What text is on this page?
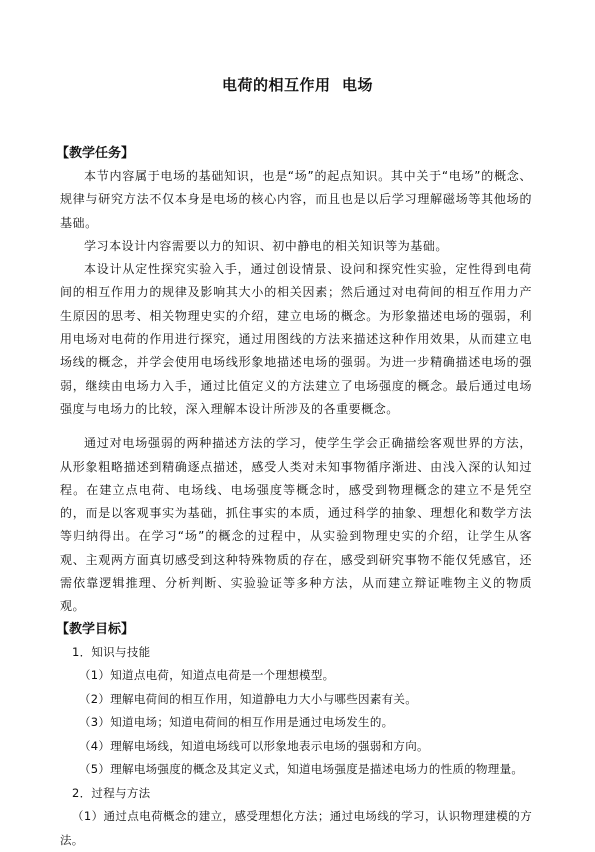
电荷的相互作用  电场
【教学任务】

本节内容属于电场的基础知识，也是“场”的起点知识。其中关于“电场”的概念、规律与研究方法不仅本身是电场的核心内容，而且也是以后学习理解磁场等其他场的基础。

学习本设计内容需要以力的知识、初中静电的相关知识等为基础。

本设计从定性探究实验入手，通过创设情景、设问和探究性实验，定性得到电荷间的相互作用力的规律及影响其大小的相关因素；然后通过对电荷间的相互作用力产生原因的思考、相关物理史实的介绍，建立电场的概念。为形象描述电场的强弱，利用电场对电荷的作用进行探究，通过用图线的方法来描述这种作用效果，从而建立电场线的概念，并学会使用电场线形象地描述电场的强弱。为进一步精确描述电场的强弱，继续由电场力入手，通过比值定义的方法建立了电场强度的概念。最后通过电场强度与电场力的比较，深入理解本设计所涉及的各重要概念。

通过对电场强弱的两种描述方法的学习，使学生学会正确描绘客观世界的方法，从形象粗略描述到精确逐点描述，感受人类对未知事物循序渐进、由浅入深的认知过程。在建立点电荷、电场线、电场强度等概念时，感受到物理概念的建立不是凭空的，而是以客观事实为基础，抓住事实的本质，通过科学的抽象、理想化和数学方法等归纳得出。在学习“场”的概念的过程中，从实验到物理史实的介绍，让学生从客观、主观两方面真切感受到这种特殊物质的存在，感受到研究事物不能仅凭感官，还需依靠逻辑推理、分析判断、实验验证等多种方法，从而建立辩证唯物主义的物质观。

【教学目标】

1．知识与技能

（1）知道点电荷，知道点电荷是一个理想模型。

（2）理解电荷间的相互作用，知道静电力大小与哪些因素有关。

（3）知道电场；知道电荷间的相互作用是通过电场发生的。

（4）理解电场线，知道电场线可以形象地表示电场的强弱和方向。

（5）理解电场强度的概念及其定义式，知道电场强度是描述电场力的性质的物理量。

2．过程与方法

（1）通过点电荷概念的建立，感受理想化方法；通过电场线的学习，认识物理建模的方法。
